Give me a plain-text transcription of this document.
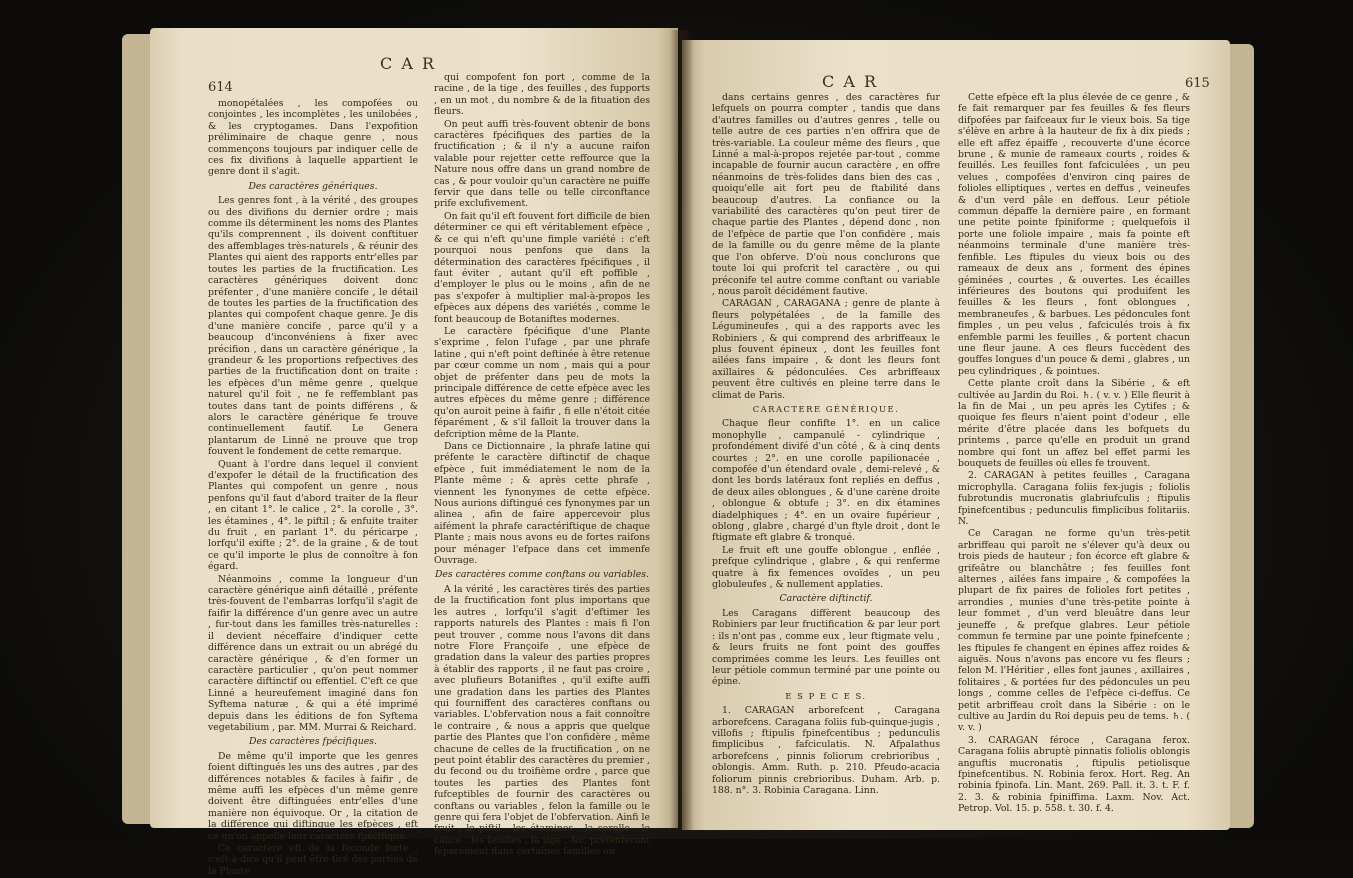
614
C A R

monopétalées , les compofées ou conjointes , les incomplètes , les unilobées , & les cryptogames. Dans l'expofition préliminaire de chaque genre , nous commençons toujours par indiquer celle de ces fix divifions à laquelle appartient le genre dont il s'agit.

Des caractères génériques.

Les genres font , à la vérité , des groupes ou des divifions du dernier ordre ; mais comme ils déterminent les noms des Plantes qu'ils comprennent , ils doivent conftituer des affemblages très-naturels , & réunir des Plantes qui aient des rapports entr'elles par toutes les parties de la fructification. Les caractères génériques doivent donc préfenter , d'une manière concife , le détail de toutes les parties de la fructification des plantes qui compofent chaque genre. Je dis d'une manière concife , parce qu'il y a beaucoup d'inconvéniens à fixer avec précifion , dans un caractère générique , la grandeur & les proportions refpectives des parties de la fructification dont on traite : les efpèces d'un même genre , quelque naturel qu'il foit , ne fe reffemblant pas toutes dans tant de points différens , & alors le caractère générique fe trouve continuellement fautif. Le Genera plantarum de Linné ne prouve que trop fouvent le fondement de cette remarque.

Quant à l'ordre dans lequel il convient d'expofer le détail de la fructification des Plantes qui compofent un genre , nous penfons qu'il faut d'abord traiter de la fleur , en citant 1°. le calice , 2°. la corolle , 3°. les étamines , 4°. le piftil ; & enfuite traiter du fruit , en parlant 1°. du péricarpe , lorfqu'il exifte ; 2°. de la graine , & de tout ce qu'il importe le plus de connoître à fon égard.

Néanmoins , comme la longueur d'un caractère générique ainfi détaillé , préfente très-fouvent de l'embarras lorfqu'il s'agit de faifir la différence d'un genre avec un autre , fur-tout dans les familles très-naturelles : il devient néceffaire d'indiquer cette différence dans un extrait ou un abrégé du caractère générique , & d'en former un caractère particulier , qu'on peut nommer caractère diftinctif ou effentiel. C'eft ce que Linné a heureufement imaginé dans fon Syftema naturæ , & qui a été imprimé depuis dans les éditions de fon Syftema vegetabilium , par. MM. Murrai & Reichard.

Des caractères fpécifiques.

De même qu'il importe que les genres foient diftingués les uns des autres , par des différences notables & faciles à faifir , de même auffi les efpèces d'un même genre doivent être diftinguées entr'elles d'une manière non équivoque. Or , la citation de la différence qui diftingue les efpèces , eft ce qu'on appelle leur caractère fpécifique.

Ce caractère eft de la feconde forte , c'eft-à-dire qu'il peut être tiré des parties de la Plante

qui compofent fon port , comme de la racine , de la tige , des feuilles , des fupports , en un mot , du nombre & de la fituation des fleurs.

On peut auffi très-fouvent obtenir de bons caractères fpécifiques des parties de la fructification ; & il n'y a aucune raifon valable pour rejetter cette reffource que la Nature nous offre dans un grand nombre de cas , & pour vouloir qu'un caractère ne puiffe fervir que dans telle ou telle circonftance prife exclufivement.

On fait qu'il eft fouvent fort difficile de bien déterminer ce qui eft véritablement efpèce , & ce qui n'eft qu'une fimple variété : c'eft pourquoi nous penfons que dans la détermination des caractères fpécifiques , il faut éviter , autant qu'il eft poffible , d'employer le plus ou le moins , afin de ne pas s'expofer à multiplier mal-à-propos les efpèces aux dépens des variétés , comme le font beaucoup de Botaniftes modernes.

Le caractère fpécifique d'une Plante s'exprime , felon l'ufage , par une phrafe latine , qui n'eft point deftinée à être retenue par cœur comme un nom , mais qui a pour objet de préfenter dans peu de mots la principale différence de cette efpèce avec les autres efpèces du même genre ; différence qu'on auroit peine à faifir , fi elle n'étoit citée féparément , & s'il falloit la trouver dans la defcription même de la Plante.

Dans ce Dictionnaire , la phrafe latine qui préfente le caractère diftinctif de chaque efpèce , fuit immédiatement le nom de la Plante même ; & après cette phrafe , viennent les fynonymes de cette efpèce. Nous aurions diftingué ces fynonymes par un alinea , afin de faire appercevoir plus aifément la phrafe caractériftique de chaque Plante ; mais nous avons eu de fortes raifons pour ménager l'efpace dans cet immenfe Ouvrage.

Des caractères comme conftans ou variables.

A la vérité , les caractères tirés des parties de la fructification font plus importans que les autres , lorfqu'il s'agit d'eftimer les rapports naturels des Plantes : mais fi l'on peut trouver , comme nous l'avons dit dans notre Flore Françoife , une efpèce de gradation dans la valeur des parties propres à établir des rapports , il ne faut pas croire , avec plufieurs Botaniftes , qu'il exifte auffi une gradation dans les parties des Plantes qui fourniffent des caractères conftans ou variables. L'obfervation nous a fait connoître le contraire , & nous a appris que quelque partie des Plantes que l'on confidère , même chacune de celles de la fructification , on ne peut point établir des caractères du premier , du fecond ou du troifième ordre , parce que toutes les parties des Plantes font fufceptibles de fournir des caractères ou conftans ou variables , felon la famille ou le genre qui fera l'objet de l'obfervation. Ainfi le fruit , le piftil , les étamines , la corolle , le calice , les feuilles , la tige , &c. préfenteront féparément dans certaines familles ou

C A R	615

dans certains genres , des caractères fur lefquels on pourra compter , tandis que dans d'autres familles ou d'autres genres , telle ou telle autre de ces parties n'en offrira que de très-variable. La couleur même des fleurs , que Linné a mal-à-propos rejetée par-tout , comme incapable de fournir aucun caractère , en offre néanmoins de très-folides dans bien des cas , quoiqu'elle ait fort peu de ftabilité dans beaucoup d'autres. La confiance ou la variabilité des caractères qu'on peut tirer de chaque partie des Plantes , dépend donc , non de l'efpèce de partie que l'on confidère , mais de la famille ou du genre même de la plante que l'on obferve. D'où nous conclurons que toute loi qui profcrit tel caractère , ou qui préconife tel autre comme conftant ou variable , nous paroît décidément fautive.

CARAGAN , CARAGANA ; genre de plante à fleurs polypétalées , de la famille des Légumineufes , qui a des rapports avec les Robiniers , & qui comprend des arbriffeaux le plus fouvent épineux , dont les feuilles font ailées fans impaire , & dont les fleurs font axillaires & pédonculées. Ces arbriffeaux peuvent être cultivés en pleine terre dans le climat de Paris.

CARACTERE GÉNÉRIQUE.

Chaque fleur confifte 1°. en un calice monophylle , campanulé - cylindrique , profondément divifé d'un côté , & à cinq dents courtes ; 2°. en une corolle papilionacée , compofée d'un étendard ovale , demi-relevé , & dont les bords latéraux font repliés en deffus , de deux ailes oblongues , & d'une carène droite , oblongue & obtufe ; 3°. en dix étamines diadelphiques ; 4°. en un ovaire fupérieur , oblong , glabre , chargé d'un ftyle droit , dont le ftigmate eft glabre & tronqué.

Le fruit eft une gouffe oblongue , enflée , prefque cylindrique , glabre , & qui renferme quatre à fix femences ovoïdes , un peu globuleufes , & nullement applaties.

Caractère diftinctif.

Les Caragans diffèrent beaucoup des Robiniers par leur fructification & par leur port : ils n'ont pas , comme eux , leur ftigmate velu , & leurs fruits ne font point des gouffes comprimées comme les leurs. Les feuilles ont leur pétiole commun terminé par une pointe ou épine.

E S P E C E S.

1. CARAGAN arborefcent , Caragana arborefcens. Caragana foliis fub-quinque-jugis , villofis ; ftipulis fpinefcentibus ; pedunculis fimplicibus , fafciculatis. N. Afpalathus arborefcens , pinnis foliorum crebrioribus , oblongis. Amm. Ruth. p. 210. Pfeudo-acacia foliorum pinnis crebrioribus. Duham. Arb. p. 188. n°. 3. Robinia Caragana. Linn.

Cette efpèce eft la plus élevée de ce genre , & fe fait remarquer par fes feuilles & fes fleurs difpofées par faifceaux fur le vieux bois. Sa tige s'élève en arbre à la hauteur de fix à dix pieds ; elle eft affez épaiffe , recouverte d'une écorce brune , & munie de rameaux courts , roides & feuillés. Les feuilles font fafciculées , un peu velues , compofées d'environ cinq paires de folioles elliptiques , vertes en deffus , veineufes & d'un verd pâle en deffous. Leur pétiole commun dépaffe la dernière paire , en formant une petite pointe fpiniforme ; quelquefois il porte une foliole impaire , mais fa pointe eft néanmoins terminale d'une manière très-fenfible. Les ftipules du vieux bois ou des rameaux de deux ans , forment des épines géminées , courtes , & ouvertes. Les écailles inférieures des boutons qui produifent les feuilles & les fleurs , font oblongues , membraneufes , & barbues. Les pédoncules font fimples , un peu velus , fafciculés trois à fix enfemble parmi les feuilles , & portent chacun une fleur jaune. A ces fleurs fuccèdent des gouffes longues d'un pouce & demi , glabres , un peu cylindriques , & pointues.

Cette plante croît dans la Sibérie , & eft cultivée au Jardin du Roi. ♄. ( v. v. ) Elle fleurit à la fin de Mai , un peu après les Cytifes ; & quoique fes fleurs n'aient point d'odeur , elle mérite d'être placée dans les bofquets du printems , parce qu'elle en produit un grand nombre qui font un affez bel effet parmi les bouquets de feuilles où elles fe trouvent.

2. CARAGAN à petites feuilles , Caragana microphylla. Caragana foliis fex-jugis ; foliolis fubrotundis mucronatis glabriufculis ; ftipulis fpinefcentibus ; pedunculis fimplicibus folitariis. N.

Ce Caragan ne forme qu'un très-petit arbriffeau qui paroît ne s'élever qu'à deux ou trois pieds de hauteur ; fon écorce eft glabre & grifeâtre ou blanchâtre ; fes feuilles font alternes , ailées fans impaire , & compofées la plupart de fix paires de folioles fort petites , arrondies , munies d'une très-petite pointe à leur fommet , d'un verd bleuâtre dans leur jeuneffe , & prefque glabres. Leur pétiole commun fe termine par une pointe fpinefcente ; les ftipules fe changent en épines affez roides & aiguës. Nous n'avons pas encore vu fes fleurs ; felon M. l'Héritier , elles font jaunes , axillaires , folitaires , & portées fur des pédoncules un peu longs , comme celles de l'efpèce ci-deffus. Ce petit arbriffeau croît dans la Sibérie : on le cultive au Jardin du Roi depuis peu de tems. ♄. ( v. v. )

3. CARAGAN féroce , Caragana ferox. Caragana foliis abruptè pinnatis foliolis oblongis anguftis mucronatis , ftipulis petiolisque fpinefcentibus. N. Robinia ferox. Hort. Reg. An robinia fpinofa. Lin. Mant. 269. Pall. it. 3. t. F. f. 2. 3. & robinia fpiniffima. Laxm. Nov. Act. Petrop. Vol. 15. p. 558. t. 30. f. 4.
